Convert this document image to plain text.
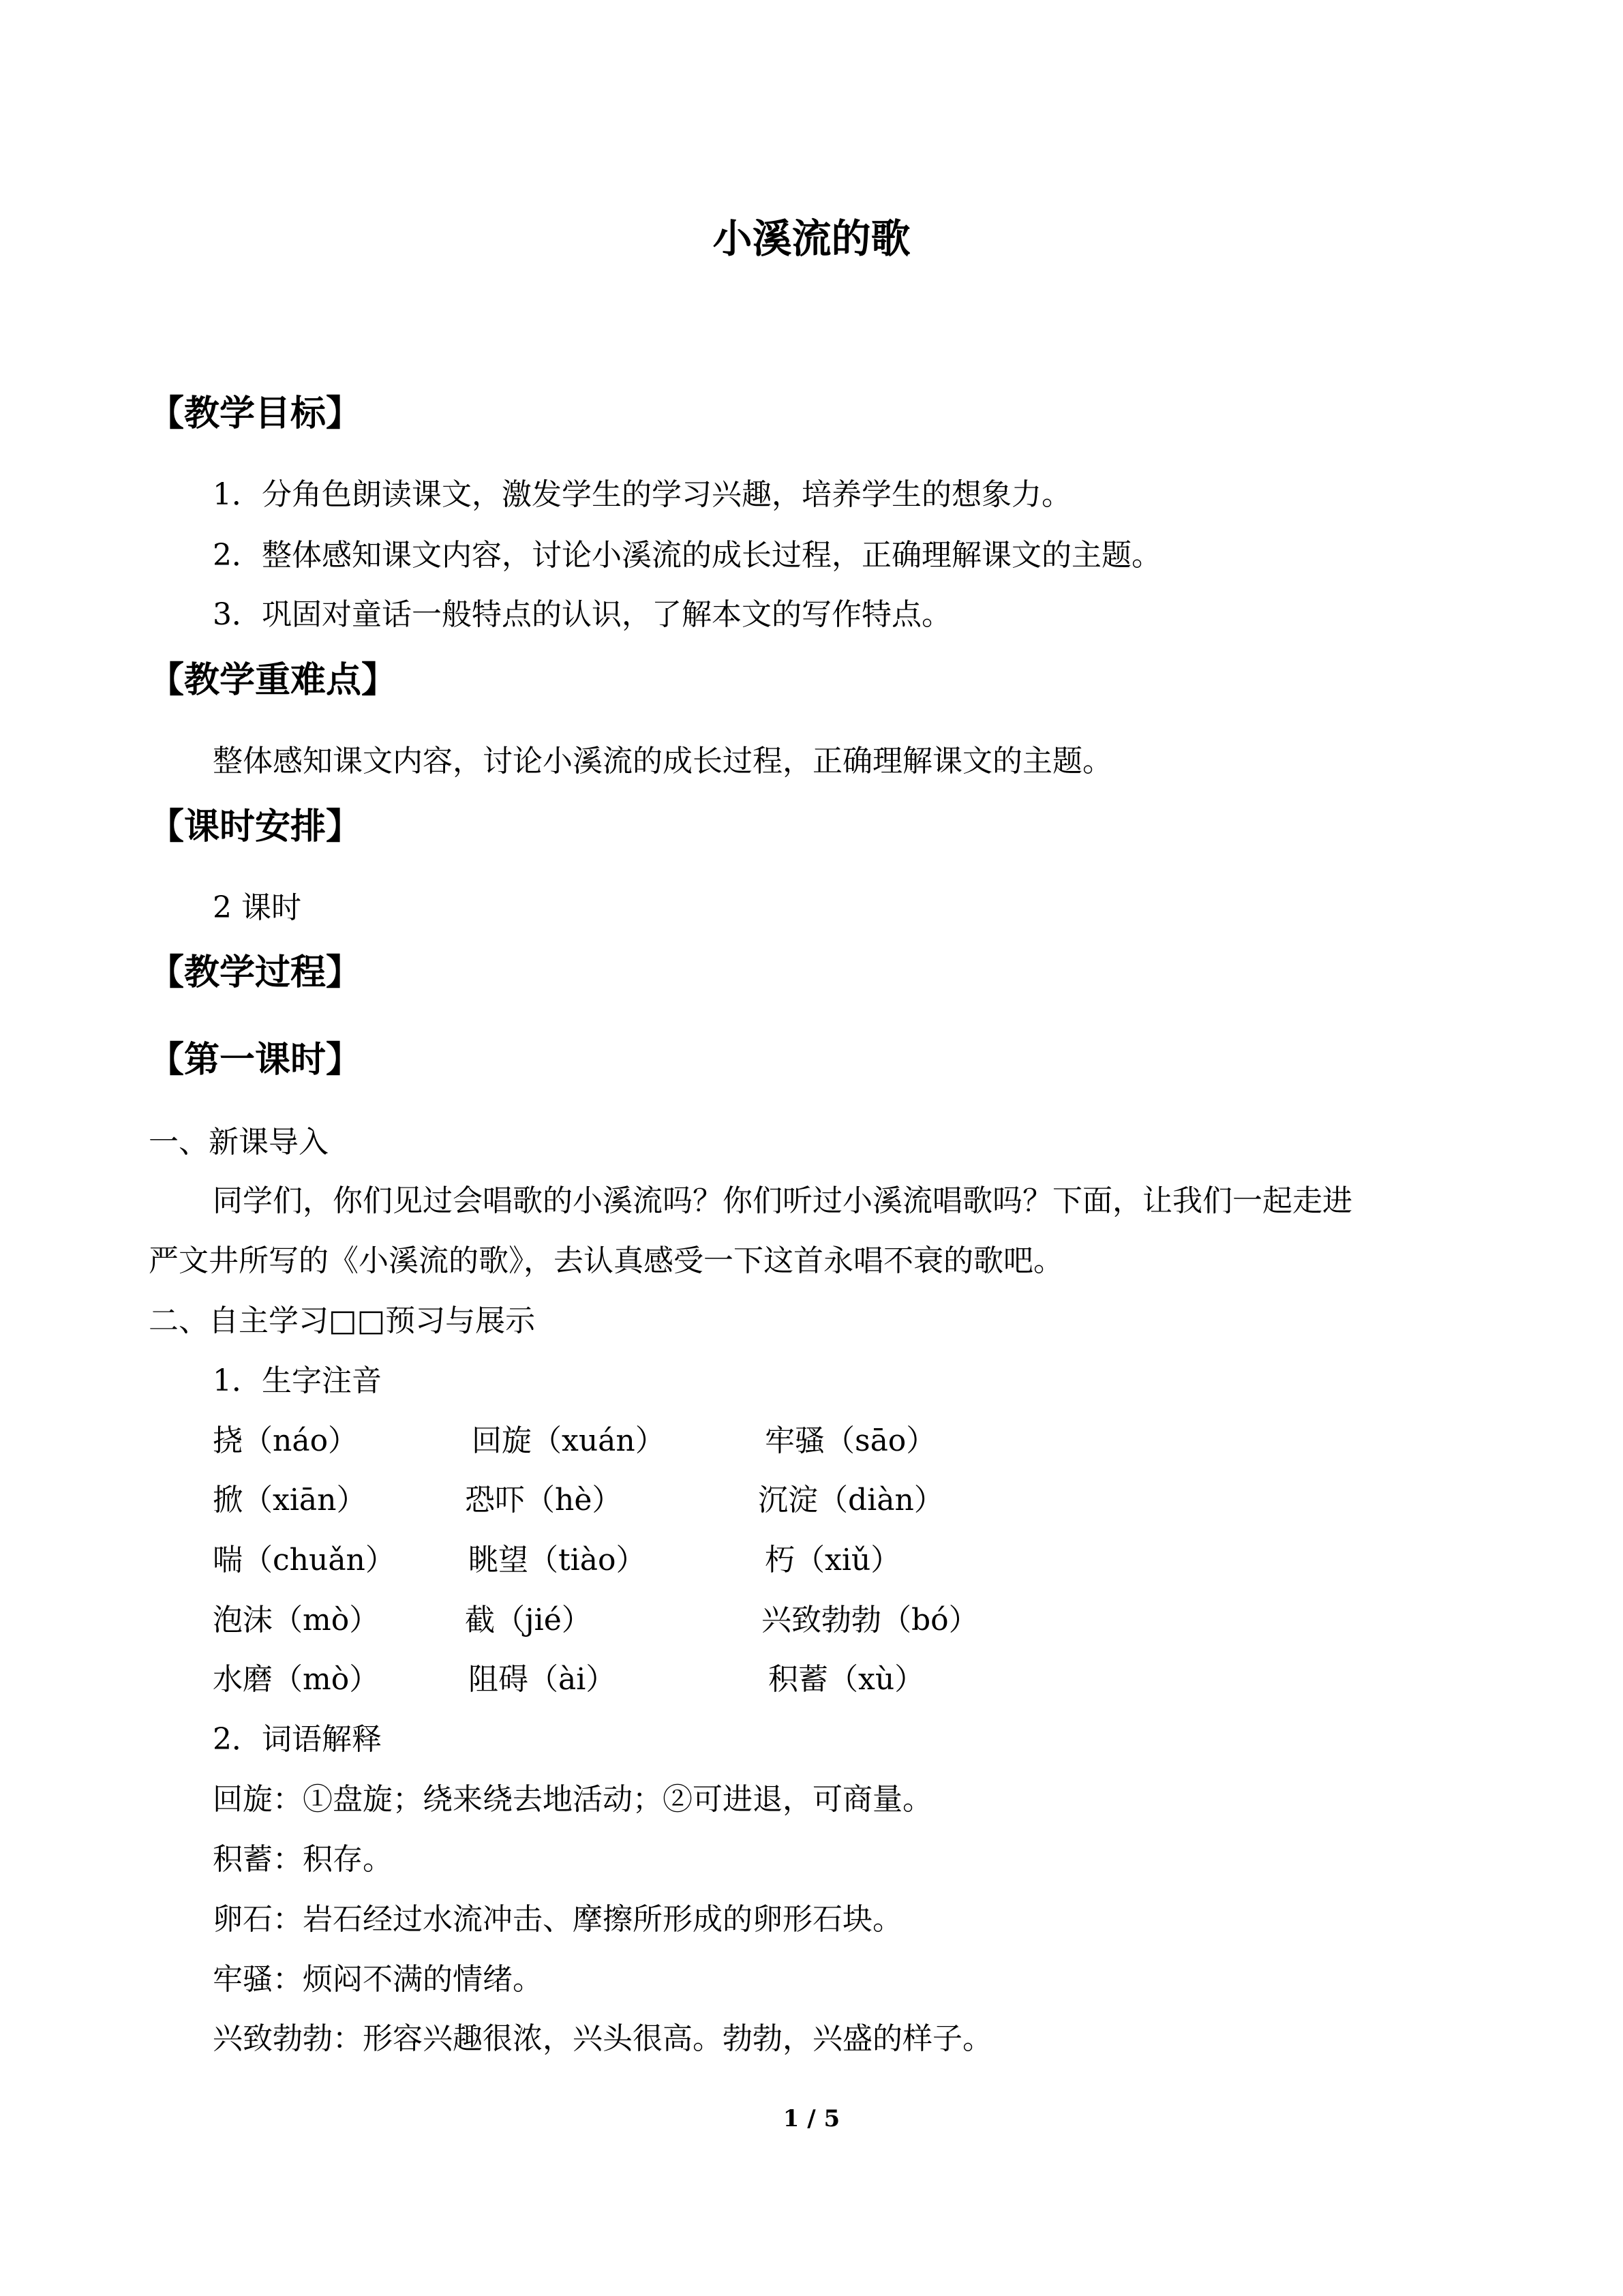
小溪流的歌
【教学目标】

1．分角色朗读课文，激发学生的学习兴趣，培养学生的想象力。

2．整体感知课文内容，讨论小溪流的成长过程，正确理解课文的主题。

3．巩固对童话一般特点的认识，了解本文的写作特点。

【教学重难点】

整体感知课文内容，讨论小溪流的成长过程，正确理解课文的主题。

【课时安排】

2 课时

【教学过程】
【第一课时】

一、新课导入

同学们，你们见过会唱歌的小溪流吗？你们听过小溪流唱歌吗？下面，让我们一起走进

严文井所写的《小溪流的歌》，去认真感受一下这首永唱不衰的歌吧。

二、自主学习□□预习与展示

1．生字注音

挠（náo）	回旋（xuán）	牢骚（sāo）
掀（xiān）	恐吓（hè）	沉淀（diàn）
喘（chuǎn） 眺望（tiào）	朽（xiǔ）
泡沫（mò）	截（jié）	兴致勃勃（bó）
水磨（mò）	阻碍（ài）	积蓄（xù）

2．词语解释

回旋：①盘旋；绕来绕去地活动；②可进退，可商量。

积蓄：积存。

卵石：岩石经过水流冲击、摩擦所形成的卵形石块。

牢骚：烦闷不满的情绪。

兴致勃勃：形容兴趣很浓，兴头很高。勃勃，兴盛的样子。

1 / 5
